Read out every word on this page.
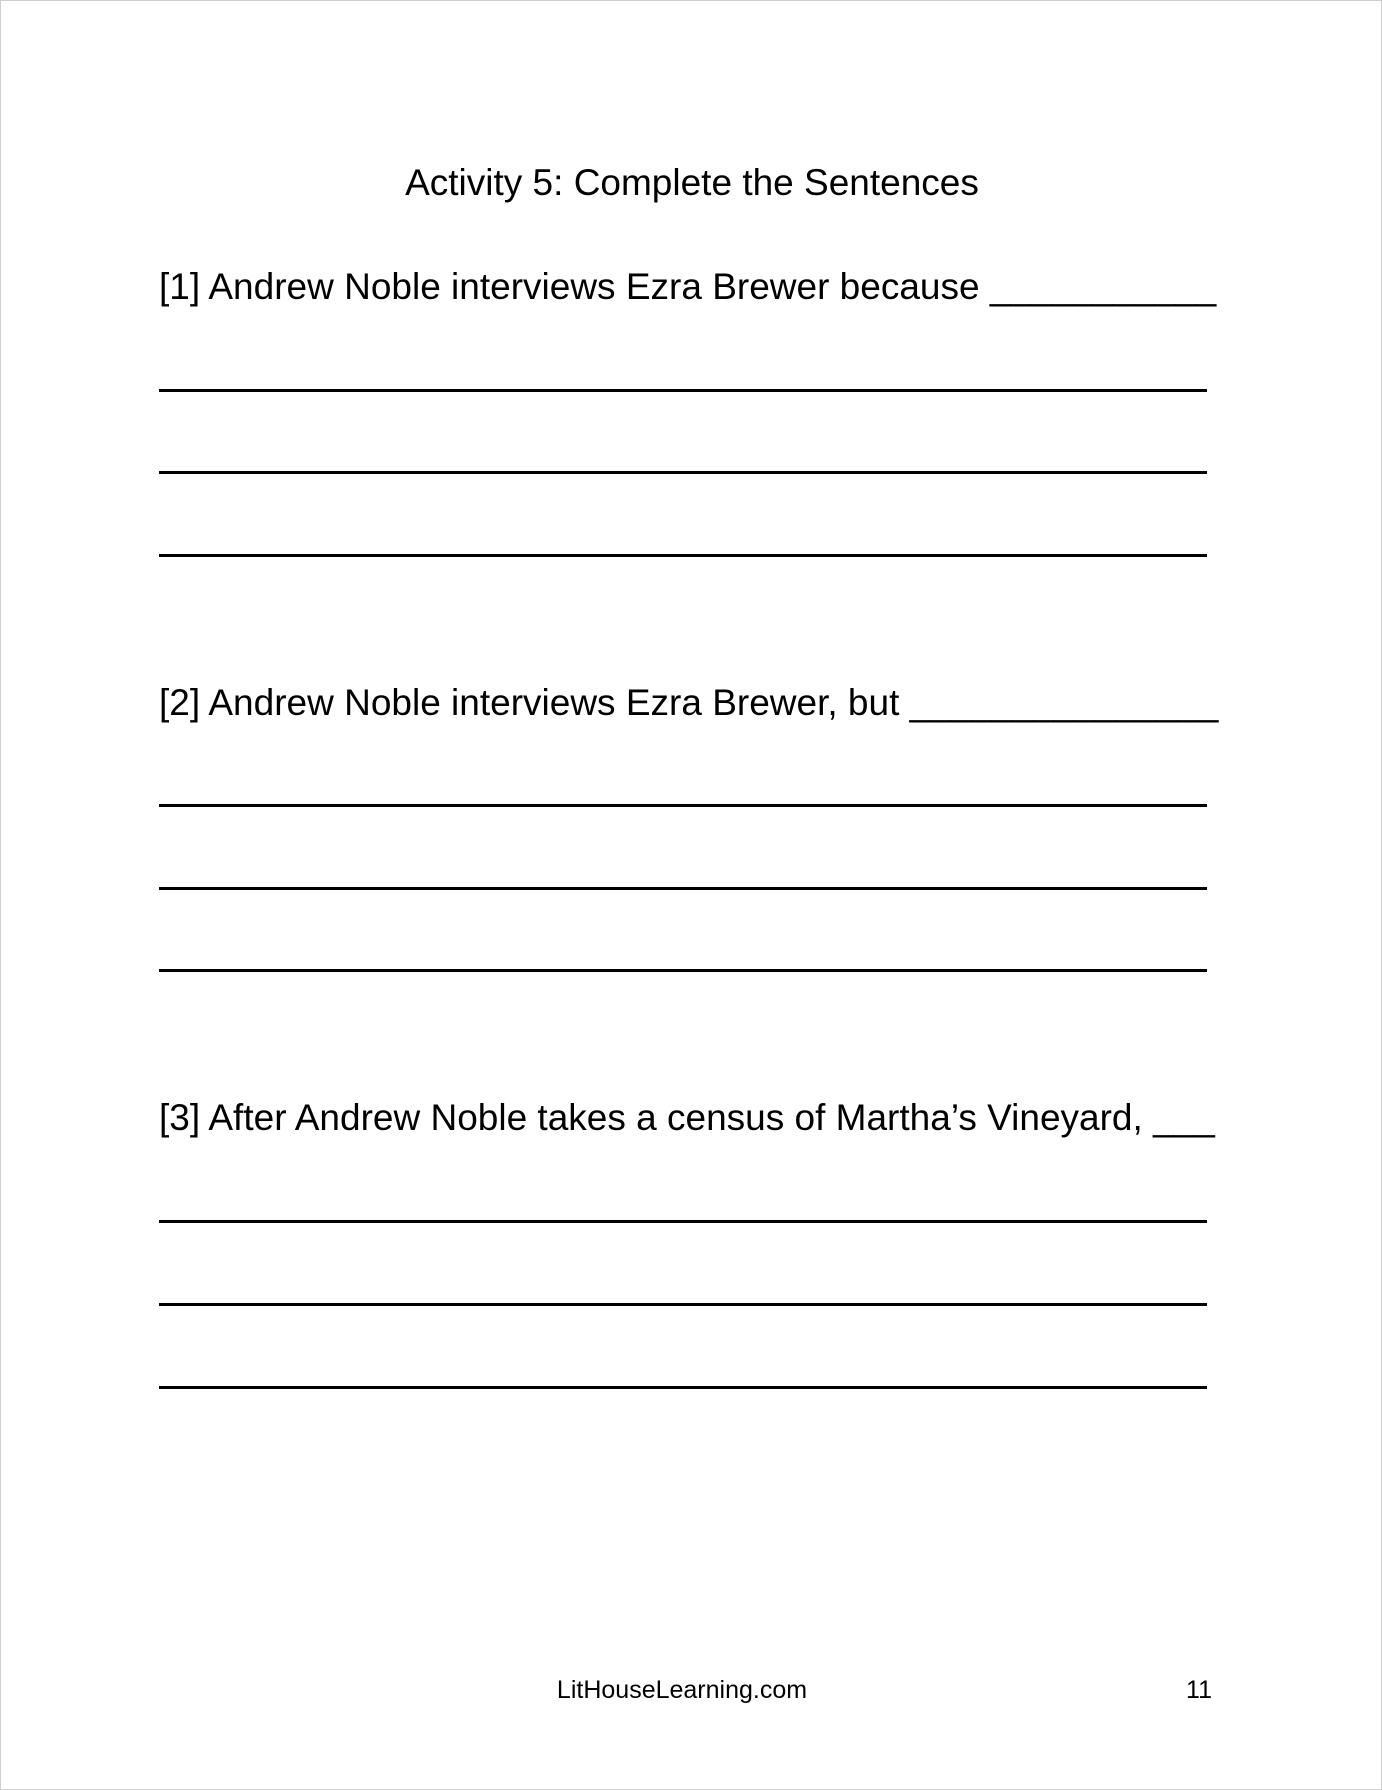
Activity 5: Complete the Sentences
[1] Andrew Noble interviews Ezra Brewer because ___________
[2] Andrew Noble interviews Ezra Brewer, but _______________
[3] After Andrew Noble takes a census of Martha’s Vineyard, ___
LitHouseLearning.com	11
